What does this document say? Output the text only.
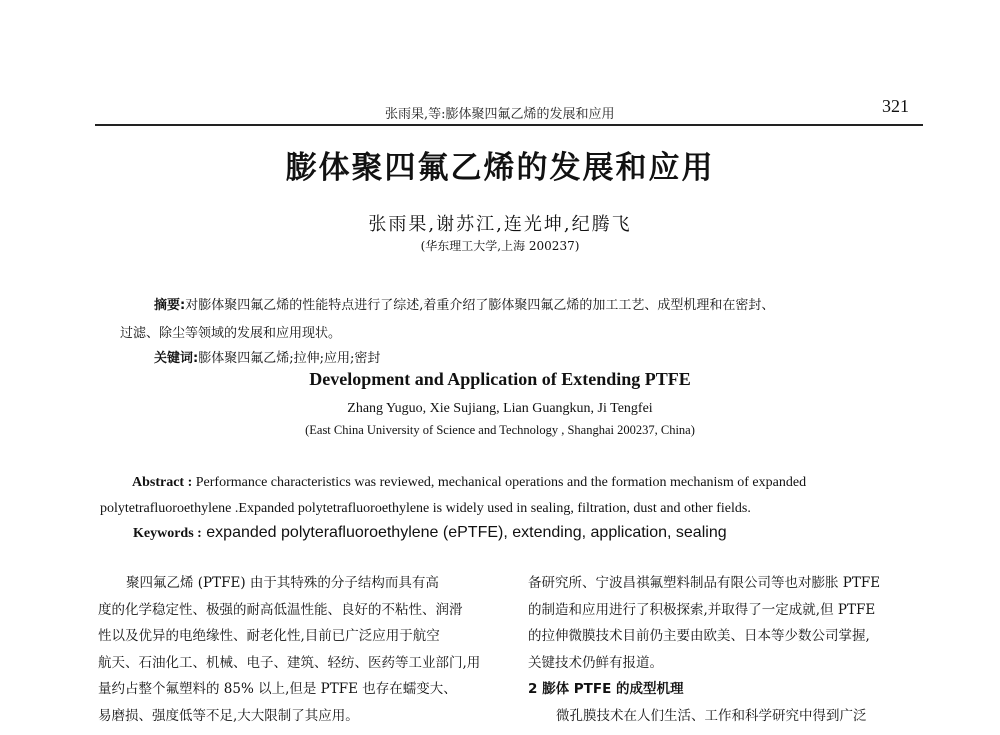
张雨果,等:膨体聚四氟乙烯的发展和应用	321
膨体聚四氟乙烯的发展和应用
张雨果,谢苏江,连光坤,纪腾飞
(华东理工大学,上海 200237)
摘要:对膨体聚四氟乙烯的性能特点进行了综述,着重介绍了膨体聚四氟乙烯的加工工艺、成型机理和在密封、
过滤、除尘等领域的发展和应用现状。
关键词:膨体聚四氟乙烯;拉伸;应用;密封
Development and Application of Extending PTFE
Zhang Yuguo, Xie Sujiang, Lian Guangkun, Ji Tengfei
(East China University of Science and Technology , Shanghai 200237, China)
Abstract : Performance characteristics was reviewed, mechanical operations and the formation mechanism of expanded
polytetrafluoroethylene .Expanded polytetrafluoroethylene is widely used in sealing, filtration, dust and other fields.
Keywords : expanded polyterafluoroethylene (ePTFE), extending, application, sealing
聚四氟乙烯 (PTFE) 由于其特殊的分子结构而具有高
度的化学稳定性、极强的耐高低温性能、良好的不粘性、润滑
性以及优异的电绝缘性、耐老化性,目前已广泛应用于航空
航天、石油化工、机械、电子、建筑、轻纺、医药等工业部门,用
量约占整个氟塑料的 85% 以上,但是 PTFE 也存在蠕变大、
易磨损、强度低等不足,大大限制了其应用。
备研究所、宁波昌祺氟塑料制品有限公司等也对膨胀 PTFE
的制造和应用进行了积极探索,并取得了一定成就,但 PTFE
的拉伸微膜技术目前仍主要由欧美、日本等少数公司掌握,
关键技术仍鲜有报道。
2 膨体 PTFE 的成型机理
微孔膜技术在人们生活、工作和科学研究中得到广泛
